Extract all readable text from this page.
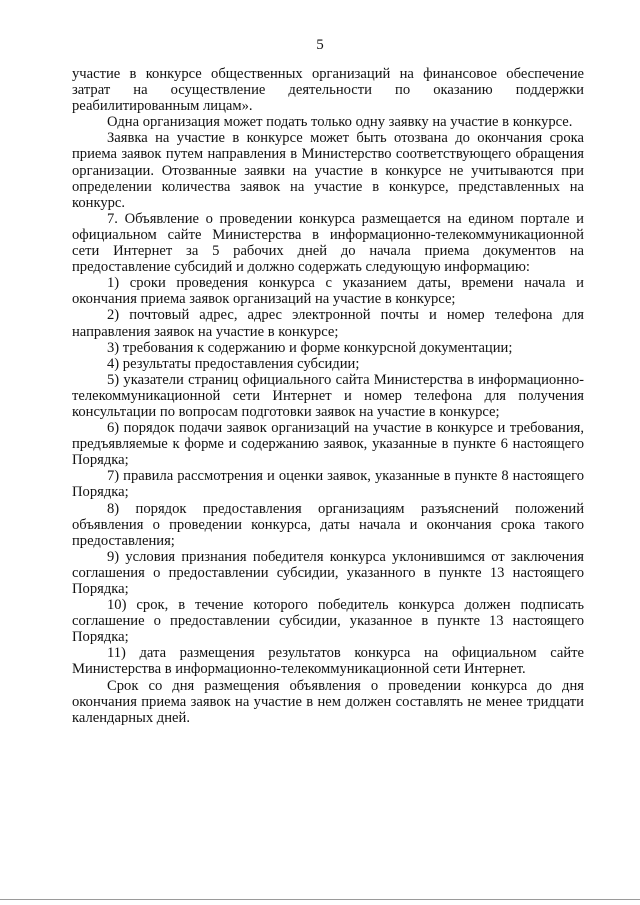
5

участие в конкурсе общественных организаций на финансовое обеспечение затрат на осуществление деятельности по оказанию поддержки реабилитированным лицам».

Одна организация может подать только одну заявку на участие в конкурсе.

Заявка на участие в конкурсе может быть отозвана до окончания срока приема заявок путем направления в Министерство соответствующего обращения организации. Отозванные заявки на участие в конкурсе не учитываются при определении количества заявок на участие в конкурсе, представленных на конкурс.

7. Объявление о проведении конкурса размещается на едином портале и официальном сайте Министерства в информационно-телекоммуникационной сети Интернет за 5 рабочих дней до начала приема документов на предоставление субсидий и должно содержать следующую информацию:

1) сроки проведения конкурса с указанием даты, времени начала и окончания приема заявок организаций на участие в конкурсе;

2) почтовый адрес, адрес электронной почты и номер телефона для направления заявок на участие в конкурсе;

3) требования к содержанию и форме конкурсной документации;

4) результаты предоставления субсидии;

5) указатели страниц официального сайта Министерства в информационно-телекоммуникационной сети Интернет и номер телефона для получения консультации по вопросам подготовки заявок на участие в конкурсе;

6) порядок подачи заявок организаций на участие в конкурсе и требования, предъявляемые к форме и содержанию заявок, указанные в пункте 6 настоящего Порядка;

7) правила рассмотрения и оценки заявок, указанные в пункте 8 настоящего Порядка;

8) порядок предоставления организациям разъяснений положений объявления о проведении конкурса, даты начала и окончания срока такого предоставления;

9) условия признания победителя конкурса уклонившимся от заключения соглашения о предоставлении субсидии, указанного в пункте 13 настоящего Порядка;

10) срок, в течение которого победитель конкурса должен подписать соглашение о предоставлении субсидии, указанное в пункте 13 настоящего Порядка;

11) дата размещения результатов конкурса на официальном сайте Министерства в информационно-телекоммуникационной сети Интернет.

Срок со дня размещения объявления о проведении конкурса до дня окончания приема заявок на участие в нем должен составлять не менее тридцати календарных дней.
